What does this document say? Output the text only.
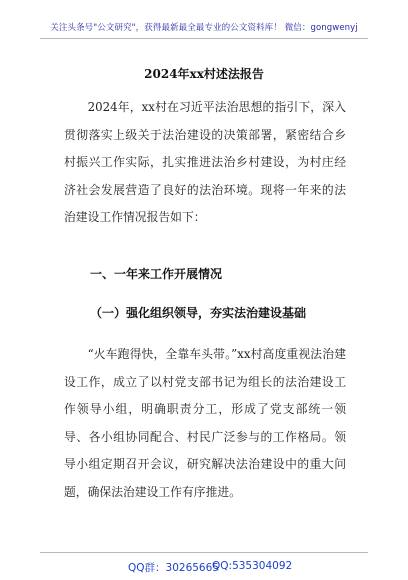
关注头条号"公文研究"，获得最新最全最专业的公文资料库！ 微信：gongwenyj
2024年xx村述法报告

2024年，xx村在习近平法治思想的指引下，深入贯彻落实上级关于法治建设的决策部署，紧密结合乡村振兴工作实际，扎实推进法治乡村建设，为村庄经济社会发展营造了良好的法治环境。现将一年来的法治建设工作情况报告如下：

一、一年来工作开展情况
（一）强化组织领导，夯实法治建设基础

“火车跑得快，全靠车头带。”xx村高度重视法治建设工作，成立了以村党支部书记为组长的法治建设工作领导小组，明确职责分工，形成了党支部统一领导、各小组协同配合、村民广泛参与的工作格局。领导小组定期召开会议，研究解决法治建设中的重大问题，确保法治建设工作有序推进。

QQ群：30265665
QQ:535304092
